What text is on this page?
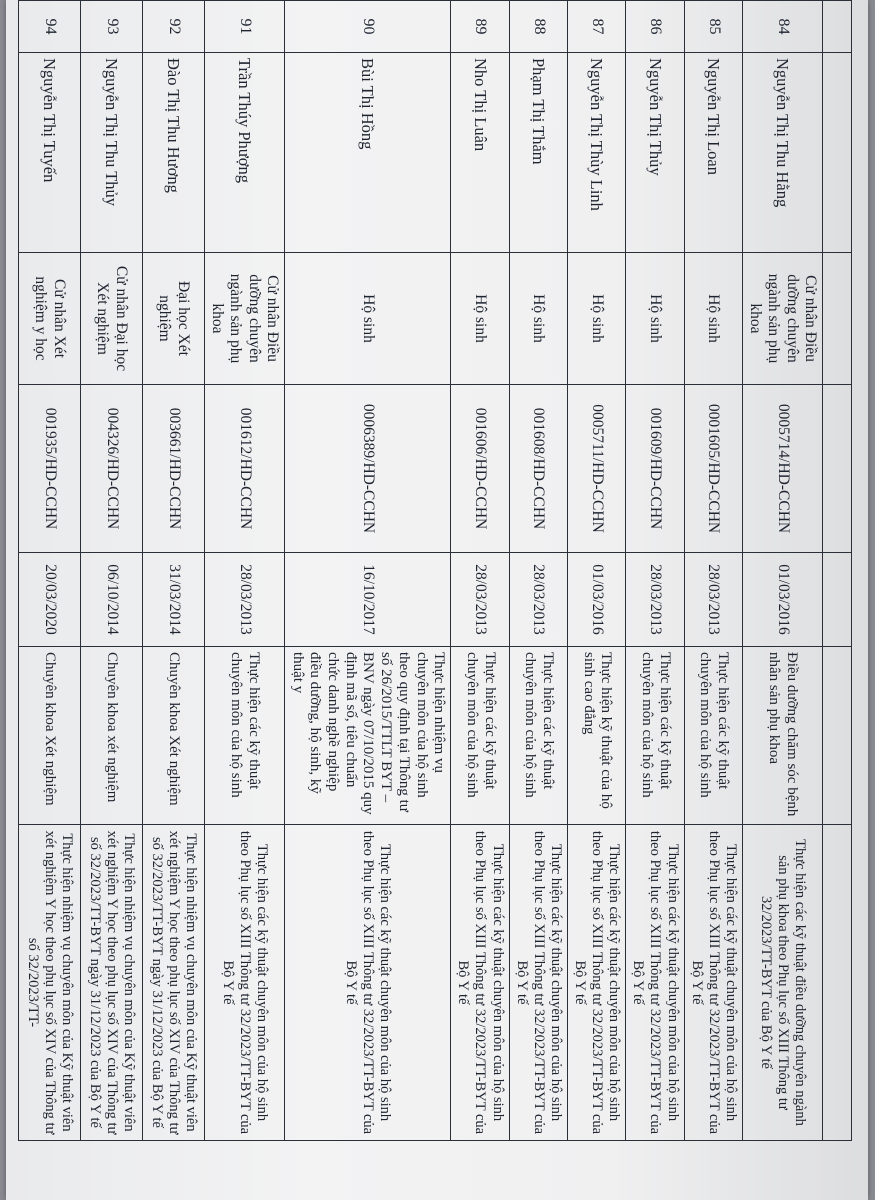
84	Nguyễn Thị Thu Hằng	Cử nhân Điều dưỡng chuyên ngành sản phụ khoa	0005714/HD-CCHN	01/03/2016	Điều dưỡng chăm sóc bệnh nhân sản phụ khoa	Thực hiện các kỹ thuật điều dưỡng chuyên ngành sản phụ khoa theo Phụ lục số XIII Thông tư 32/2023/TT-BYT của Bộ Y tế
85	Nguyễn Thị Loan	Hộ sinh	0001605/HD-CCHN	28/03/2013	Thực hiện các kỹ thuật chuyên môn của hộ sinh	Thực hiện các kỹ thuật chuyên môn của hộ sinh theo Phụ lục số XIII Thông tư 32/2023/TT-BYT của Bộ Y tế
86	Nguyễn Thị Thủy	Hộ sinh	001609/HD-CCHN	28/03/2013	Thực hiện các kỹ thuật chuyên môn của hộ sinh	Thực hiện các kỹ thuật chuyên môn của hộ sinh theo Phụ lục số XIII Thông tư 32/2023/TT-BYT của Bộ Y tế
87	Nguyễn Thị Thùy Linh	Hộ sinh	0005711/HD-CCHN	01/03/2016	Thực hiện kỹ thuật của hộ sinh cao đẳng	Thực hiện các kỹ thuật chuyên môn của hộ sinh theo Phụ lục số XIII Thông tư 32/2023/TT-BYT của Bộ Y tế
88	Phạm Thị Thắm	Hộ sinh	001608/HD-CCHN	28/03/2013	Thực hiện các kỹ thuật chuyên môn của hộ sinh	Thực hiện các kỹ thuật chuyên môn của hộ sinh theo Phụ lục số XIII Thông tư 32/2023/TT-BYT của Bộ Y tế
89	Nho Thị Luân	Hộ sinh	001606/HD-CCHN	28/03/2013	Thực hiện các kỹ thuật chuyên môn của hộ sinh	Thực hiện các kỹ thuật chuyên môn của hộ sinh theo Phụ lục số XIII Thông tư 32/2023/TT-BYT của Bộ Y tế
90	Bùi Thị Hồng	Hộ sinh	0006389/HD-CCHN	16/10/2017	Thực hiện nhiệm vụ chuyên môn của hộ sinh theo quy định tại Thông tư số 26/2015/TTLT BYT – BNV ngày 07/10/2015 quy định mã số, tiêu chuẩn chức danh nghề nghiệp điều dưỡng, hộ sinh, kỹ thuật y	Thực hiện các kỹ thuật chuyên môn của hộ sinh theo Phụ lục số XIII Thông tư 32/2023/TT-BYT của Bộ Y tế
91	Trần Thúy Phượng	Cử nhân Điều dưỡng chuyên ngành sản phụ khoa	001612/HD-CCHN	28/03/2013	Thực hiện các kỹ thuật chuyên môn của hộ sinh	Thực hiện các kỹ thuật chuyên môn của hộ sinh theo Phụ lục số XIII Thông tư 32/2023/TT-BYT của Bộ Y tế
92	Đào Thị Thu Hương	Đại học Xét nghiệm	003661/HD-CCHN	31/03/2014	Chuyên khoa Xét nghiệm	Thực hiện nhiệm vụ chuyên môn của Kỹ thuật viên xét nghiệm Y học theo phụ lục số XIV của Thông tư số 32/2023/TT-BYT ngày 31/12/2023 của Bộ Y tế
93	Nguyễn Thị Thu Thủy	Cử nhân Đại học Xét nghiệm	004326/HD-CCHN	06/10/2014	Chuyên khoa xét nghiệm	Thực hiện nhiệm vụ chuyên môn của Kỹ thuật viên xét nghiệm Y học theo phụ lục số XIV của Thông tư số 32/2023/TT-BYT ngày 31/12/2023 của Bộ Y tế
94	Nguyễn Thị Tuyến	Cử nhân Xét nghiệm y học	001935/HD-CCHN	20/03/2020	Chuyên khoa Xét nghiệm	Thực hiện nhiệm vụ chuyên môn của Kỹ thuật viên xét nghiệm Y học theo phụ lục số XIV của Thông tư số 32/2023/TT-
